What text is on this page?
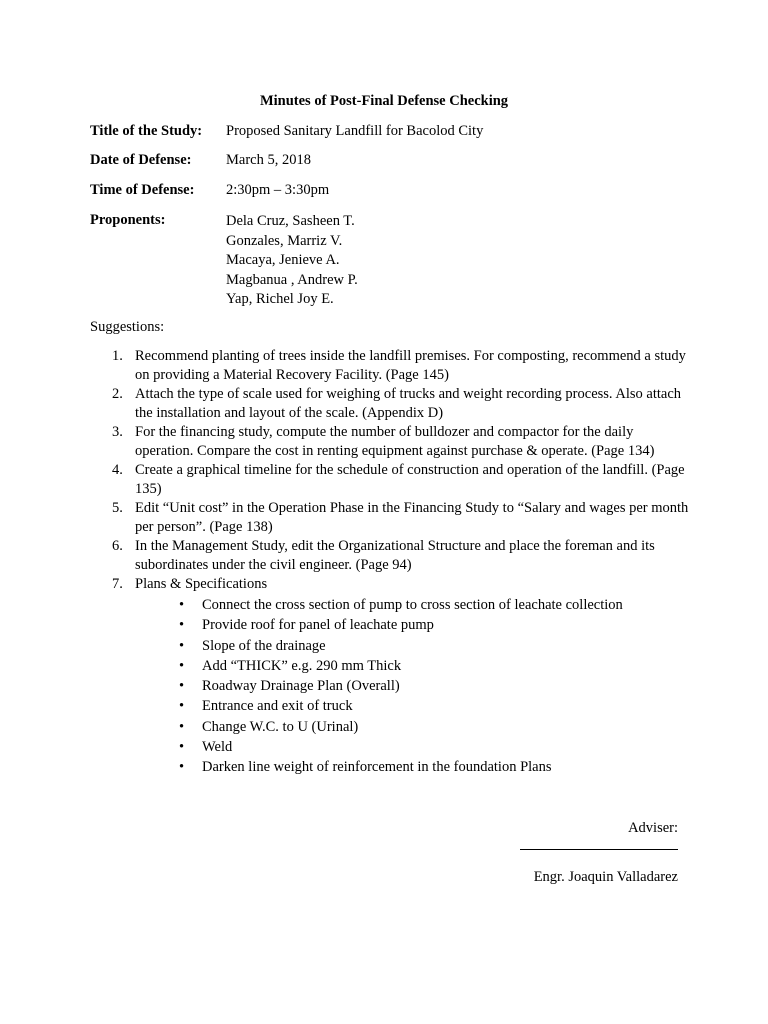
Minutes of Post-Final Defense Checking
Title of the Study: Proposed Sanitary Landfill for Bacolod City
Date of Defense: March 5, 2018
Time of Defense: 2:30pm – 3:30pm
Proponents:	Dela Cruz, Sasheen T.
Gonzales, Marriz V.
Macaya, Jenieve A.
Magbanua , Andrew P.
Yap, Richel Joy E.

Suggestions:

1. Recommend planting of trees inside the landfill premises. For composting, recommend a study on providing a Material Recovery Facility. (Page 145)
2. Attach the type of scale used for weighing of trucks and weight recording process. Also attach the installation and layout of the scale. (Appendix D)
3. For the financing study, compute the number of bulldozer and compactor for the daily operation. Compare the cost in renting equipment against purchase & operate. (Page 134)
4. Create a graphical timeline for the schedule of construction and operation of the landfill. (Page 135)
5. Edit “Unit cost” in the Operation Phase in the Financing Study to “Salary and wages per month per person”. (Page 138)
6. In the Management Study, edit the Organizational Structure and place the foreman and its subordinates under the civil engineer. (Page 94)
7. Plans & Specifications
• Connect the cross section of pump to cross section of leachate collection
• Provide roof for panel of leachate pump
• Slope of the drainage
• Add “THICK” e.g. 290 mm Thick
• Roadway Drainage Plan (Overall)
• Entrance and exit of truck
• Change W.C. to U (Urinal)
• Weld
• Darken line weight of reinforcement in the foundation Plans

Adviser:

Engr. Joaquin Valladarez
